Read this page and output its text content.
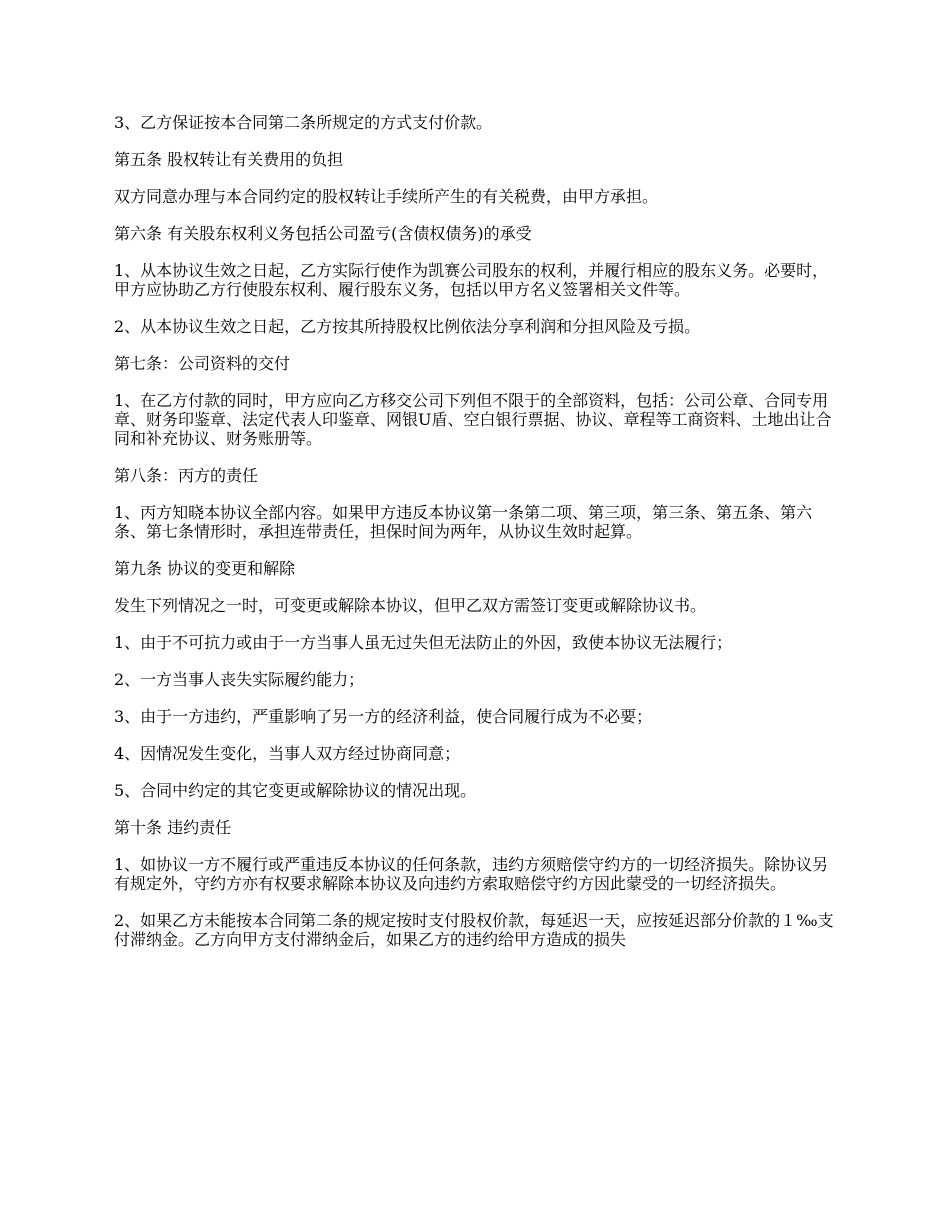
3、乙方保证按本合同第二条所规定的方式支付价款。

第五条 股权转让有关费用的负担

双方同意办理与本合同约定的股权转让手续所产生的有关税费，由甲方承担。

第六条 有关股东权利义务包括公司盈亏(含债权债务)的承受

1、从本协议生效之日起，乙方实际行使作为凯赛公司股东的权利，并履行相应的股东义务。必要时，甲方应协助乙方行使股东权利、履行股东义务，包括以甲方名义签署相关文件等。

2、从本协议生效之日起，乙方按其所持股权比例依法分享利润和分担风险及亏损。

第七条：公司资料的交付

1、在乙方付款的同时，甲方应向乙方移交公司下列但不限于的全部资料，包括：公司公章、合同专用章、财务印鉴章、法定代表人印鉴章、网银U盾、空白银行票据、协议、章程等工商资料、土地出让合同和补充协议、财务账册等。

第八条：丙方的责任

1、丙方知晓本协议全部内容。如果甲方违反本协议第一条第二项、第三项，第三条、第五条、第六条、第七条情形时，承担连带责任，担保时间为两年，从协议生效时起算。

第九条 协议的变更和解除

发生下列情况之一时，可变更或解除本协议，但甲乙双方需签订变更或解除协议书。

1、由于不可抗力或由于一方当事人虽无过失但无法防止的外因，致使本协议无法履行；

2、一方当事人丧失实际履约能力；

3、由于一方违约，严重影响了另一方的经济利益，使合同履行成为不必要；

4、因情况发生变化，当事人双方经过协商同意；

5、合同中约定的其它变更或解除协议的情况出现。

第十条 违约责任

1、如协议一方不履行或严重违反本协议的任何条款，违约方须赔偿守约方的一切经济损失。除协议另有规定外，守约方亦有权要求解除本协议及向违约方索取赔偿守约方因此蒙受的一切经济损失。

2、如果乙方未能按本合同第二条的规定按时支付股权价款，每延迟一天，应按延迟部分价款的１‰支付滞纳金。乙方向甲方支付滞纳金后，如果乙方的违约给甲方造成的损失
